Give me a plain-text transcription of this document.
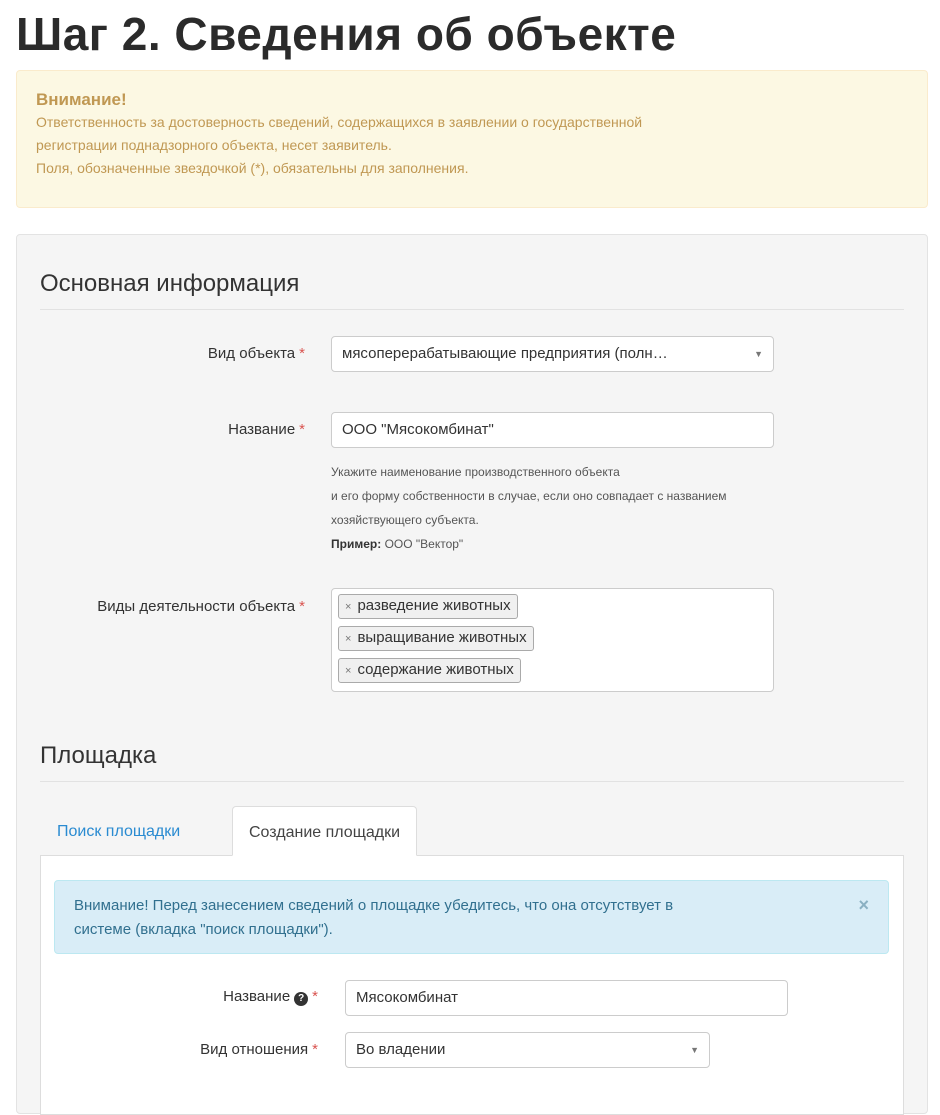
Шаг 2. Сведения об объекте
Внимание!
Ответственность за достоверность сведений, содержащихся в заявлении о государственной
регистрации поднадзорного объекта, несет заявитель.
Поля, обозначенные звездочкой (*), обязательны для заполнения.
Основная информация
Вид объекта *	мясоперерабатывающие предприятия (полн…	▼
Название *	ООО "Мясокомбинат"
Укажите наименование производственного объекта
и его форму собственности в случае, если оно совпадает с названием
хозяйствующего субъекта.
Пример: ООО "Вектор"
Виды деятельности объекта *	× разведение животных
× выращивание животных
× содержание животных
Площадка
Поиск площадки	Создание площадки
Внимание! Перед занесением сведений о площадке убедитесь, что она отсутствует в
системе (вкладка "поиск площадки").
×
Название ? *	Мясокомбинат
Вид отношения *	Во владении	▼
